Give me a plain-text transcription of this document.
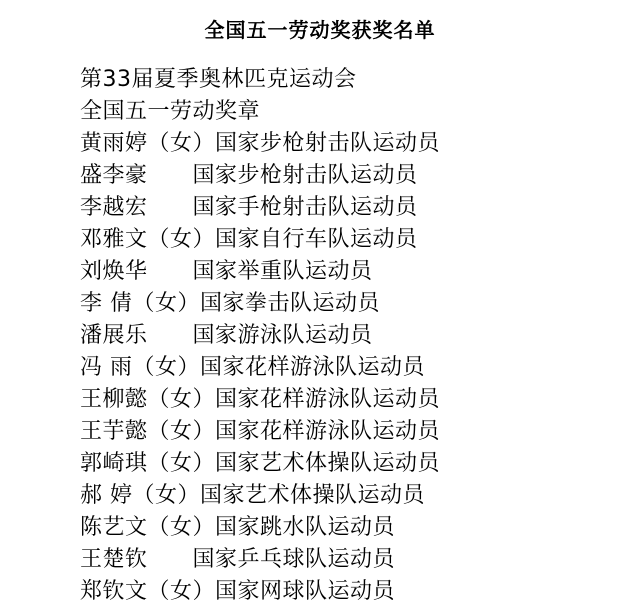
全国五一劳动奖获奖名单
第33届夏季奥林匹克运动会
全国五一劳动奖章
黄雨婷（女）国家步枪射击队运动员
盛李豪　　国家步枪射击队运动员
李越宏　　国家手枪射击队运动员
邓雅文（女）国家自行车队运动员
刘焕华　　国家举重队运动员
李 倩（女）国家拳击队运动员
潘展乐　　国家游泳队运动员
冯 雨（女）国家花样游泳队运动员
王柳懿（女）国家花样游泳队运动员
王芋懿（女）国家花样游泳队运动员
郭崎琪（女）国家艺术体操队运动员
郝 婷（女）国家艺术体操队运动员
陈艺文（女）国家跳水队运动员
王楚钦　　国家乒乓球队运动员
郑钦文（女）国家网球队运动员
